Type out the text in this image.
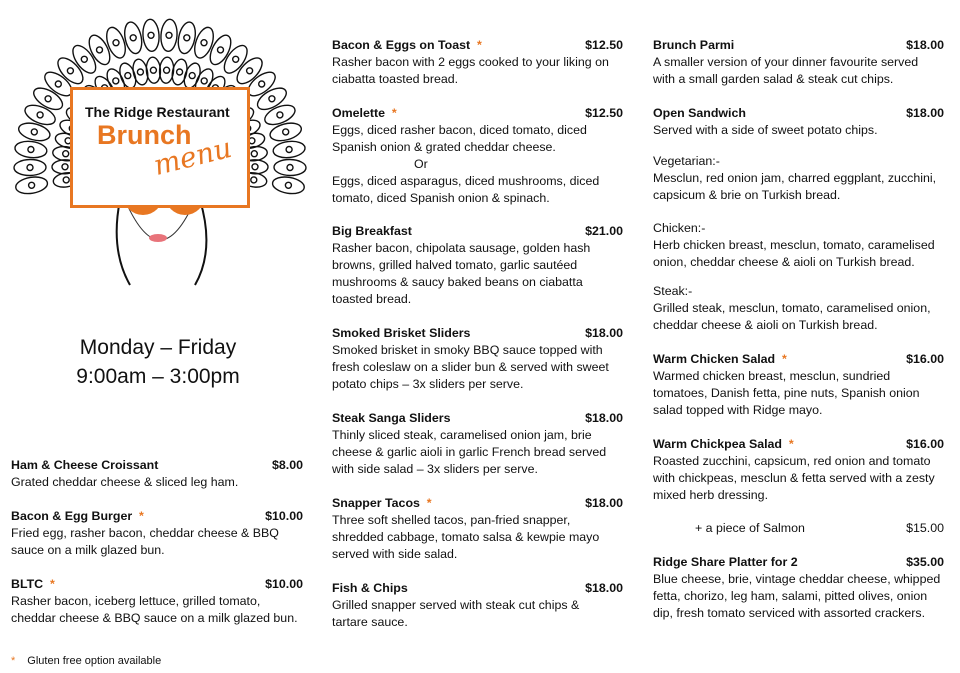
The Ridge Restaurant
Brunch
menu
Monday – Friday
9:00am – 3:00pm
Ham & Cheese Croissant	$8.00
Grated cheddar cheese & sliced leg ham.
Bacon & Egg Burger  *	$10.00
Fried egg, rasher bacon, cheddar cheese & BBQ
sauce on a milk glazed bun.
BLTC  *	$10.00
Rasher bacon, iceberg lettuce, grilled tomato,
cheddar cheese & BBQ sauce on a milk glazed bun.
Bacon & Eggs on Toast  *	$12.50
Rasher bacon with 2 eggs cooked to your liking on
ciabatta toasted bread.
Omelette  *	$12.50
Eggs, diced rasher bacon, diced tomato, diced
Spanish onion & grated cheddar cheese.
Or
Eggs, diced asparagus, diced mushrooms, diced
tomato, diced Spanish onion & spinach.
Big Breakfast	$21.00
Rasher bacon, chipolata sausage, golden hash
browns, grilled halved tomato, garlic sautéed
mushrooms & saucy baked beans on ciabatta
toasted bread.
Smoked Brisket Sliders	$18.00
Smoked brisket in smoky BBQ sauce topped with
fresh coleslaw on a slider bun & served with sweet
potato chips – 3x sliders per serve.
Steak Sanga Sliders	$18.00
Thinly sliced steak, caramelised onion jam, brie
cheese & garlic aioli in garlic French bread served
with side salad – 3x sliders per serve.
Snapper Tacos  *	$18.00
Three soft shelled tacos, pan-fried snapper,
shredded cabbage, tomato salsa & kewpie mayo
served with side salad.
Fish & Chips	$18.00
Grilled snapper served with steak cut chips &
tartare sauce.
Brunch Parmi	$18.00
A smaller version of your dinner favourite served
with a small garden salad & steak cut chips.
Open Sandwich	$18.00
Served with a side of sweet potato chips.
Vegetarian:-
Mesclun, red onion jam, charred eggplant, zucchini,
capsicum & brie on Turkish bread.
Chicken:-
Herb chicken breast, mesclun, tomato, caramelised
onion, cheddar cheese & aioli on Turkish bread.
Steak:-
Grilled steak, mesclun, tomato, caramelised onion,
cheddar cheese & aioli on Turkish bread.
Warm Chicken Salad  *	$16.00
Warmed chicken breast, mesclun, sundried
tomatoes, Danish fetta, pine nuts, Spanish onion
salad topped with Ridge mayo.
Warm Chickpea Salad  *	$16.00
Roasted zucchini, capsicum, red onion and tomato
with chickpeas, mesclun & fetta served with a zesty
mixed herb dressing.
+ a piece of Salmon	$15.00
Ridge Share Platter for 2	$35.00
Blue cheese, brie, vintage cheddar cheese, whipped
fetta, chorizo, leg ham, salami, pitted olives, onion
dip, fresh tomato serviced with assorted crackers.
* Gluten free option available
